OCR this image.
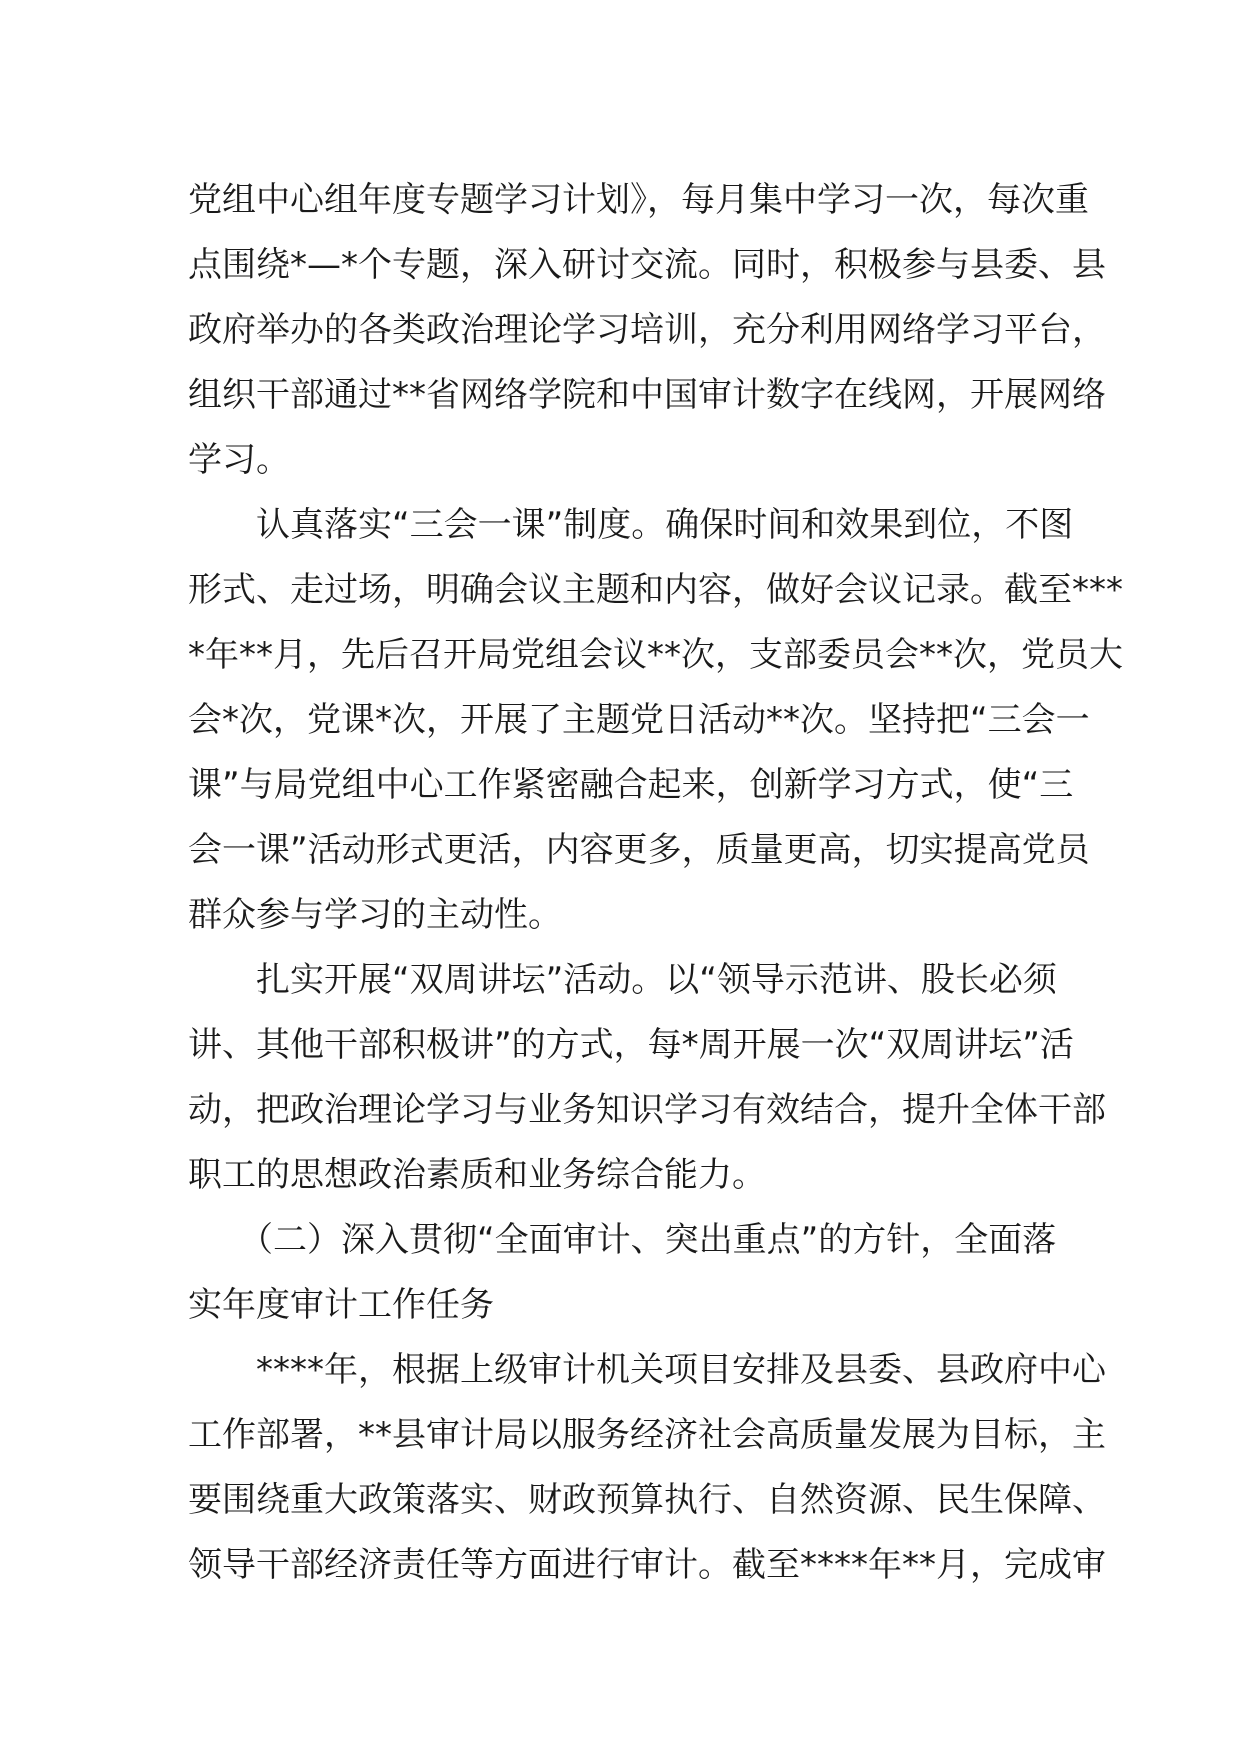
党组中心组年度专题学习计划》，每月集中学习一次，每次重
点围绕*—*个专题，深入研讨交流。同时，积极参与县委、县
政府举办的各类政治理论学习培训，充分利用网络学习平台，
组织干部通过**省网络学院和中国审计数字在线网，开展网络
学习。
　　认真落实“三会一课”制度。确保时间和效果到位，不图
形式、走过场，明确会议主题和内容，做好会议记录。截至***
*年**月，先后召开局党组会议**次，支部委员会**次，党员大
会*次，党课*次，开展了主题党日活动**次。坚持把“三会一
课”与局党组中心工作紧密融合起来，创新学习方式，使“三
会一课”活动形式更活，内容更多，质量更高，切实提高党员
群众参与学习的主动性。
　　扎实开展“双周讲坛”活动。以“领导示范讲、股长必须
讲、其他干部积极讲”的方式，每*周开展一次“双周讲坛”活
动，把政治理论学习与业务知识学习有效结合，提升全体干部
职工的思想政治素质和业务综合能力。
　　（二）深入贯彻“全面审计、突出重点”的方针，全面落
实年度审计工作任务
　　****年，根据上级审计机关项目安排及县委、县政府中心
工作部署，**县审计局以服务经济社会高质量发展为目标，主
要围绕重大政策落实、财政预算执行、自然资源、民生保障、
领导干部经济责任等方面进行审计。截至****年**月，完成审
